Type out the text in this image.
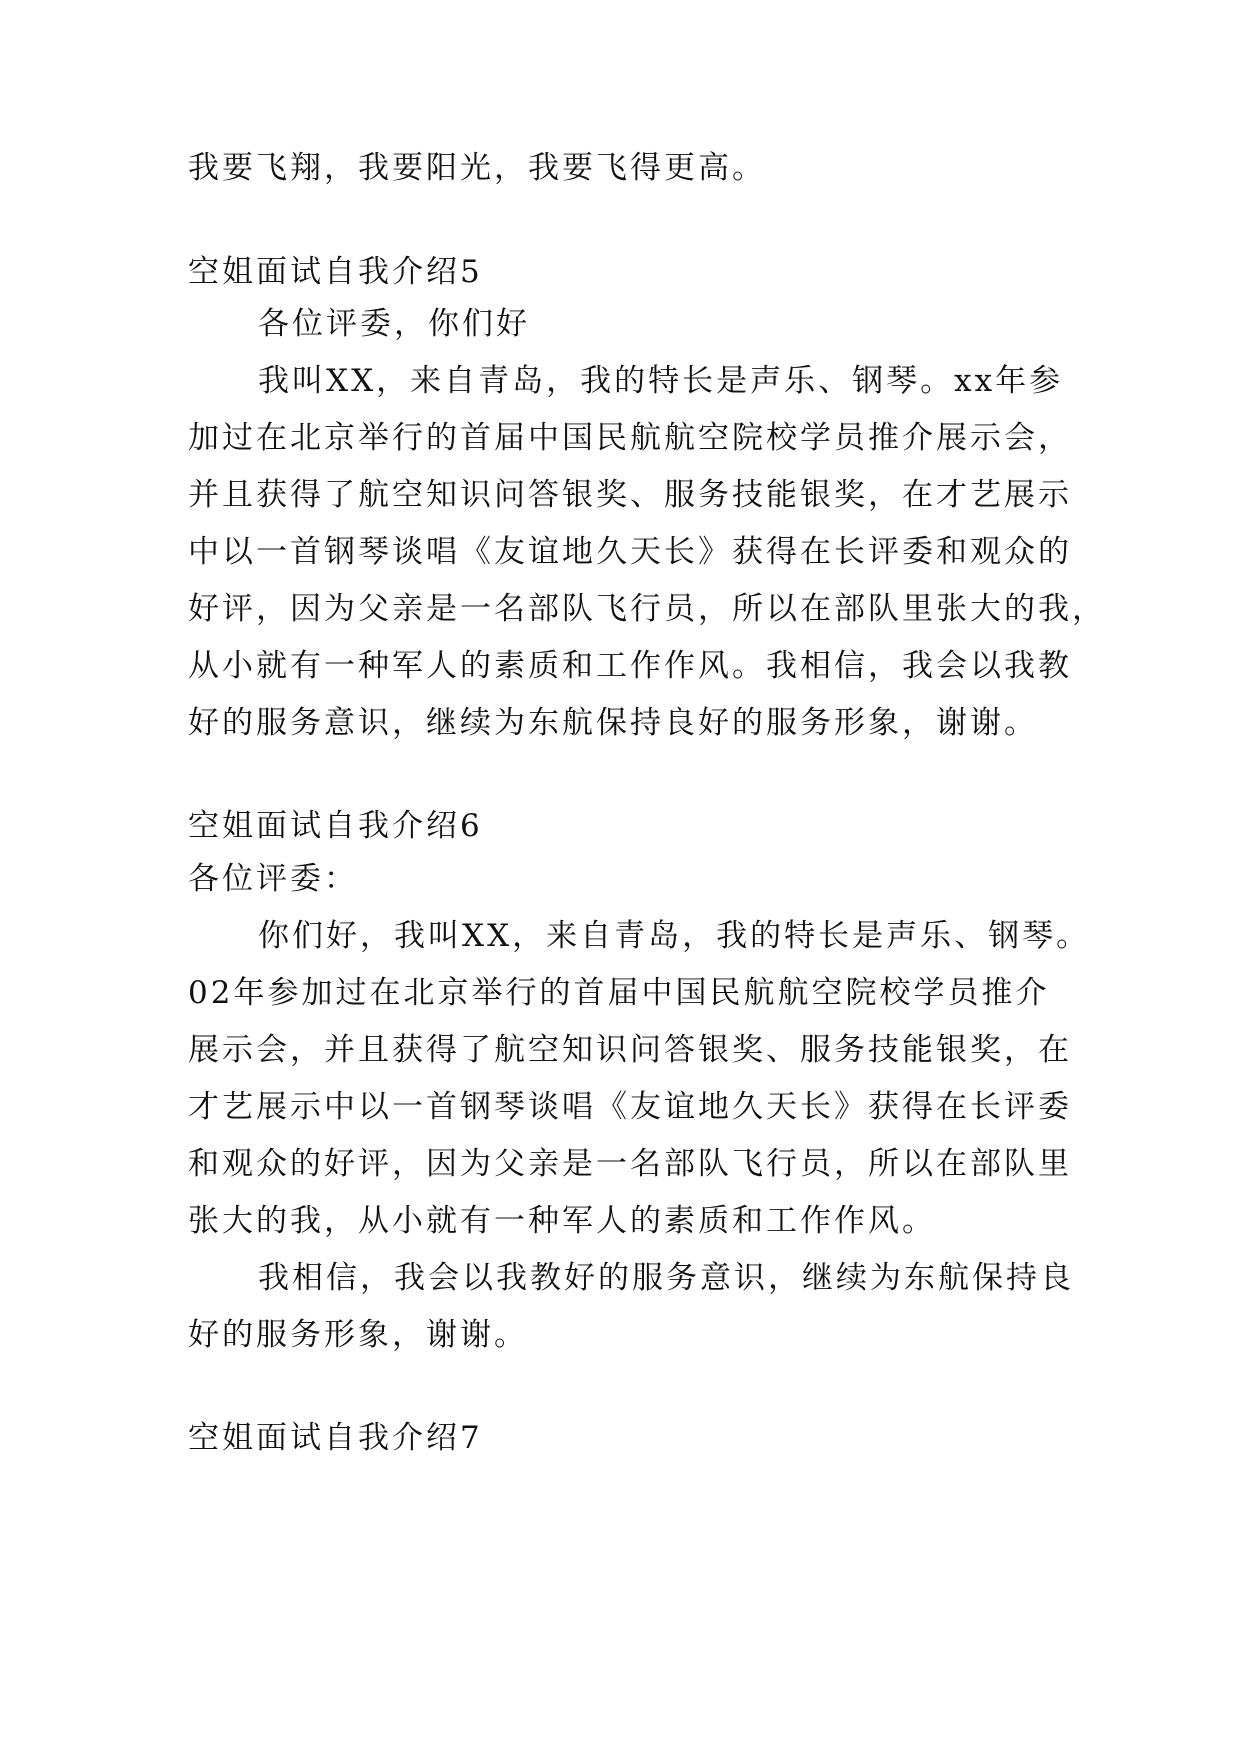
我要飞翔，我要阳光，我要飞得更高。
空姐面试自我介绍5
各位评委，你们好
我叫XX，来自青岛，我的特长是声乐、钢琴。xx年参
加过在北京举行的首届中国民航航空院校学员推介展示会，
并且获得了航空知识问答银奖、服务技能银奖，在才艺展示
中以一首钢琴谈唱《友谊地久天长》获得在长评委和观众的
好评，因为父亲是一名部队飞行员，所以在部队里张大的我，
从小就有一种军人的素质和工作作风。我相信，我会以我教
好的服务意识，继续为东航保持良好的服务形象，谢谢。
空姐面试自我介绍6
各位评委：
你们好，我叫XX，来自青岛，我的特长是声乐、钢琴。
02年参加过在北京举行的首届中国民航航空院校学员推介
展示会，并且获得了航空知识问答银奖、服务技能银奖，在
才艺展示中以一首钢琴谈唱《友谊地久天长》获得在长评委
和观众的好评，因为父亲是一名部队飞行员，所以在部队里
张大的我，从小就有一种军人的素质和工作作风。
我相信，我会以我教好的服务意识，继续为东航保持良
好的服务形象，谢谢。
空姐面试自我介绍7
